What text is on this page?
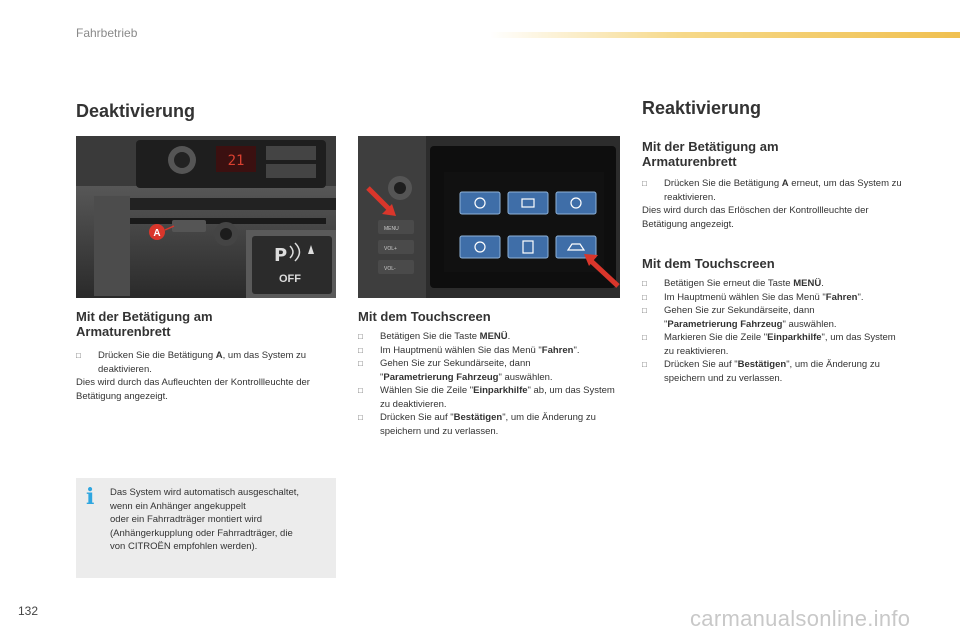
Fahrbetrieb
Deaktivierung
21
A
P
OFF
Mit der Betätigung am
Armaturenbrett
□ Drücken Sie die Betätigung A, um das System zu deaktivieren.
Dies wird durch das Aufleuchten der Kontrollleuchte der Betätigung angezeigt.
i Das System wird automatisch ausgeschaltet,
wenn ein Anhänger angekuppelt
oder ein Fahrradträger montiert wird
(Anhängerkupplung oder Fahrradträger, die
von CITROËN empfohlen werden).
MENU
VOL+
VOL-
Mit dem Touchscreen
□ Betätigen Sie die Taste MENÜ.
□ Im Hauptmenü wählen Sie das Menü "Fahren".
□ Gehen Sie zur Sekundärseite, dann
"Parametrierung Fahrzeug" auswählen.
□ Wählen Sie die Zeile "Einparkhilfe" ab, um das System zu deaktivieren.
□ Drücken Sie auf "Bestätigen", um die Änderung zu speichern und zu verlassen.
Reaktivierung
Mit der Betätigung am
Armaturenbrett
□ Drücken Sie die Betätigung A erneut, um das System zu reaktivieren.
Dies wird durch das Erlöschen der Kontrollleuchte der Betätigung angezeigt.
Mit dem Touchscreen
□ Betätigen Sie erneut die Taste MENÜ.
□ Im Hauptmenü wählen Sie das Menü "Fahren".
□ Gehen Sie zur Sekundärseite, dann
"Parametrierung Fahrzeug" auswählen.
□ Markieren Sie die Zeile "Einparkhilfe", um das System zu reaktivieren.
□ Drücken Sie auf "Bestätigen", um die Änderung zu speichern und zu verlassen.
132	carmanualsonline.info
